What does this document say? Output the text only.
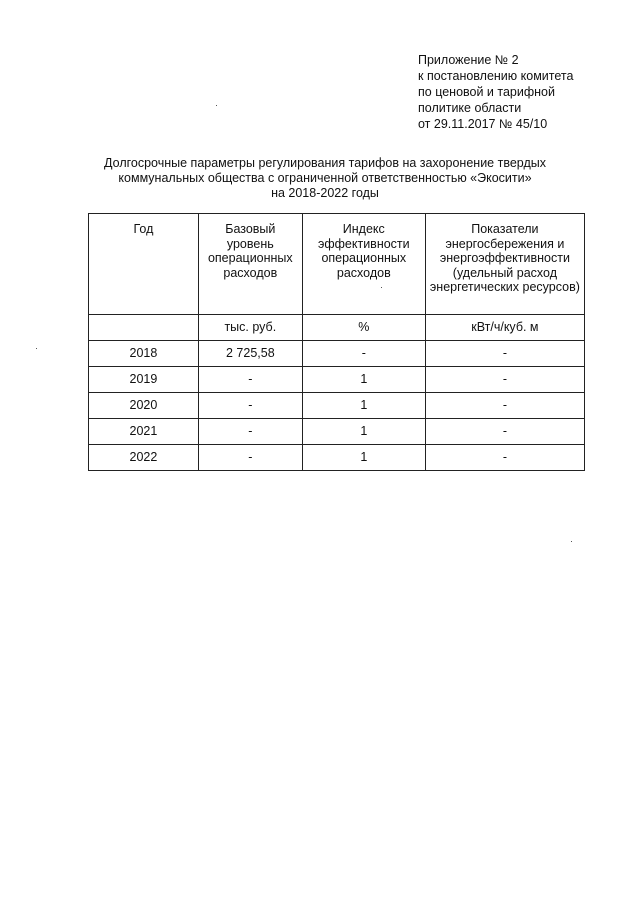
Приложение № 2
к постановлению комитета
по ценовой и тарифной
политике области
от 29.11.2017 № 45/10
Долгосрочные параметры регулирования тарифов на захоронение твердых
коммунальных общества с ограниченной ответственностью «Экосити»
на 2018-2022 годы
Год	Базовый уровень операционных расходов	Индекс эффективности операционных расходов	Показатели энергосбережения и энергоэффективности (удельный расход энергетических ресурсов)
	тыс. руб.	%	кВт/ч/куб. м
2018	2 725,58	-	-
2019	-	1	-
2020	-	1	-
2021	-	1	-
2022	-	1	-
